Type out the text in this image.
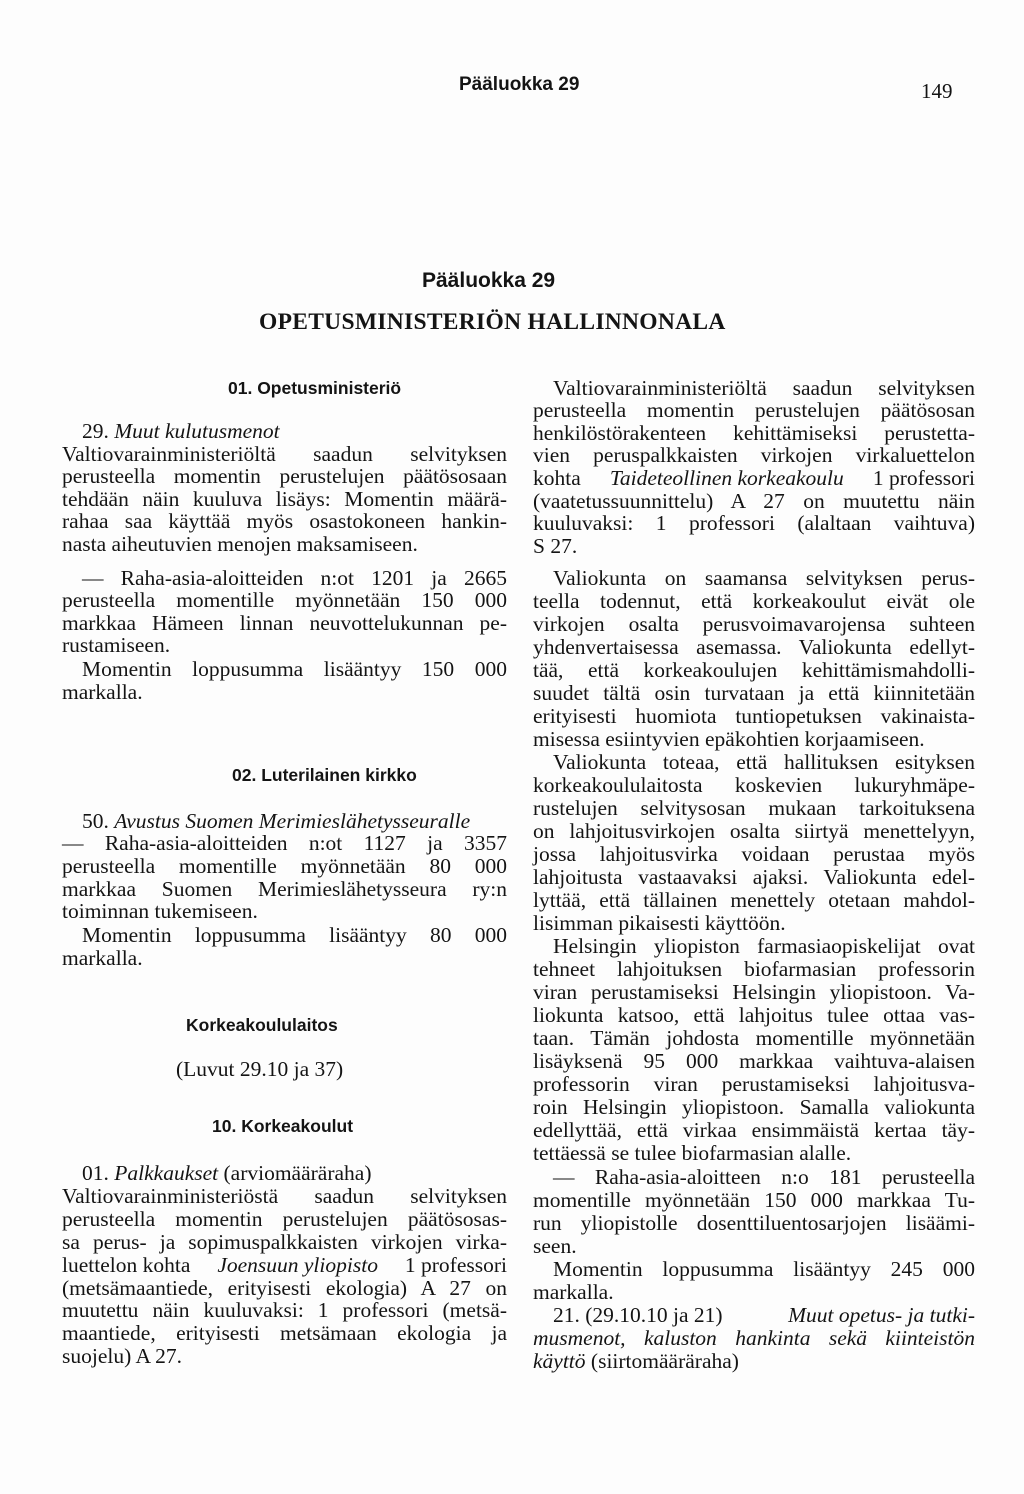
Pääluokka 29	149
Pääluokka 29
OPETUSMINISTERIÖN HALLINNONALA
01. Opetusministeriö
29. Muut kulutusmenot
Valtiovarainministeriöltä saadun selvityksen
perusteella momentin perustelujen päätösosaan
tehdään näin kuuluva lisäys: Momentin määrä-
rahaa saa käyttää myös osastokoneen hankin-
nasta aiheutuvien menojen maksamiseen.
— Raha-asia-aloitteiden n:ot 1201 ja 2665
perusteella momentille myönnetään 150 000
markkaa Hämeen linnan neuvottelukunnan pe-
rustamiseen.
Momentin loppusumma lisääntyy 150 000
markalla.
02. Luterilainen kirkko
50. Avustus Suomen Merimieslähetysseuralle
— Raha-asia-aloitteiden n:ot 1127 ja 3357
perusteella momentille myönnetään 80 000
markkaa Suomen Merimieslähetysseura ry:n
toiminnan tukemiseen.
Momentin loppusumma lisääntyy 80 000
markalla.
Korkeakoululaitos
(Luvut 29.10 ja 37)
10. Korkeakoulut
01. Palkkaukset (arviomääräraha)
Valtiovarainministeriöstä saadun selvityksen
perusteella momentin perustelujen päätösosas-
sa perus- ja sopimuspalkkaisten virkojen virka-
luettelon kohta Joensuun yliopisto 1 professori
(metsämaantiede, erityisesti ekologia) A 27 on
muutettu näin kuuluvaksi: 1 professori (metsä-
maantiede, erityisesti metsämaan ekologia ja
suojelu) A 27.
Valtiovarainministeriöltä saadun selvityksen
perusteella momentin perustelujen päätösosan
henkilöstörakenteen kehittämiseksi perustetta-
vien peruspalkkaisten virkojen virkaluettelon
kohta Taideteollinen korkeakoulu 1 professori
(vaatetussuunnittelu) A 27 on muutettu näin
kuuluvaksi: 1 professori (alaltaan vaihtuva)
S 27.
Valiokunta on saamansa selvityksen perus-
teella todennut, että korkeakoulut eivät ole
virkojen osalta perusvoimavarojensa suhteen
yhdenvertaisessa asemassa. Valiokunta edellyt-
tää, että korkeakoulujen kehittämismahdolli-
suudet tältä osin turvataan ja että kiinnitetään
erityisesti huomiota tuntiopetuksen vakinaista-
misessa esiintyvien epäkohtien korjaamiseen.
Valiokunta toteaa, että hallituksen esityksen
korkeakoululaitosta koskevien lukuryhmäpe-
rustelujen selvitysosan mukaan tarkoituksena
on lahjoitusvirkojen osalta siirtyä menettelyyn,
jossa lahjoitusvirka voidaan perustaa myös
lahjoitusta vastaavaksi ajaksi. Valiokunta edel-
lyttää, että tällainen menettely otetaan mahdol-
lisimman pikaisesti käyttöön.
Helsingin yliopiston farmasiaopiskelijat ovat
tehneet lahjoituksen biofarmasian professorin
viran perustamiseksi Helsingin yliopistoon. Va-
liokunta katsoo, että lahjoitus tulee ottaa vas-
taan. Tämän johdosta momentille myönnetään
lisäyksenä 95 000 markkaa vaihtuva-alaisen
professorin viran perustamiseksi lahjoitusva-
roin Helsingin yliopistoon. Samalla valiokunta
edellyttää, että virkaa ensimmäistä kertaa täy-
tettäessä se tulee biofarmasian alalle.
— Raha-asia-aloitteen n:o 181 perusteella
momentille myönnetään 150 000 markkaa Tu-
run yliopistolle dosenttiluentosarjojen lisäämi-
seen.
Momentin loppusumma lisääntyy 245 000
markalla.
21. (29.10.10 ja 21)	Muut opetus- ja tutki-
musmenot, kaluston hankinta sekä kiinteistön
käyttö (siirtomääräraha)
